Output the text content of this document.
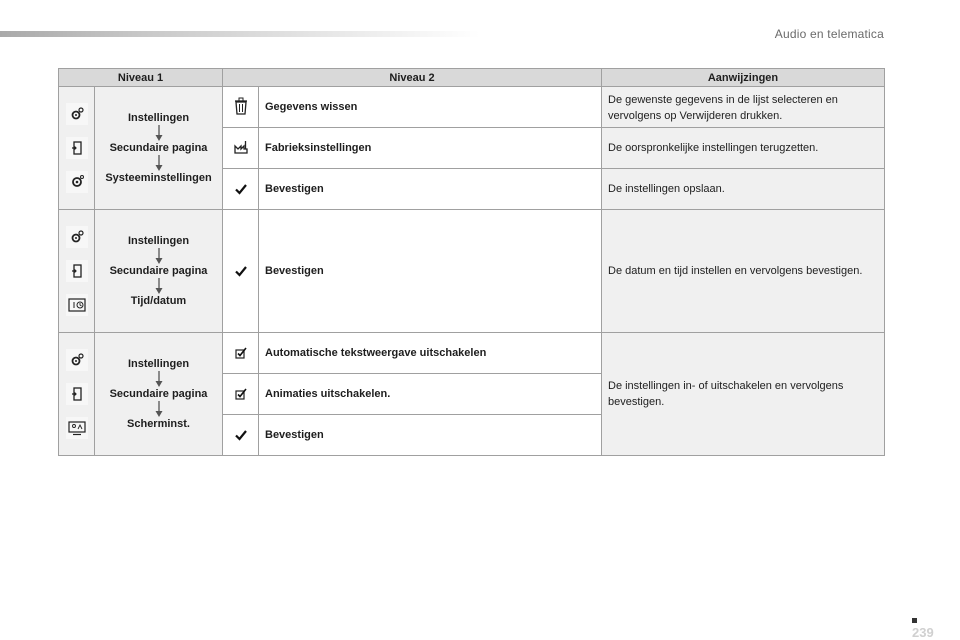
Audio en telematica
Niveau 1		Niveau 2		Aanwijzingen

Instellingen
Secundaire pagina
Systeeminstellingen		Gegevens wissen	De gewenste gegevens in de lijst selecteren en vervolgens op Verwijderen drukken.

	Fabrieksinstellingen	De oorspronkelijke instellingen terugzetten.

	Bevestigen	De instellingen opslaan.

Instellingen
Secundaire pagina
Tijd/datum		Bevestigen	De datum en tijd instellen en vervolgens bevestigen.

Instellingen
Secundaire pagina
Scherminst.		Automatische tekstweergave uitschakelen	De instellingen in- of uitschakelen en vervolgens bevestigen.

	Animaties uitschakelen.	

	Bevestigen	
239
